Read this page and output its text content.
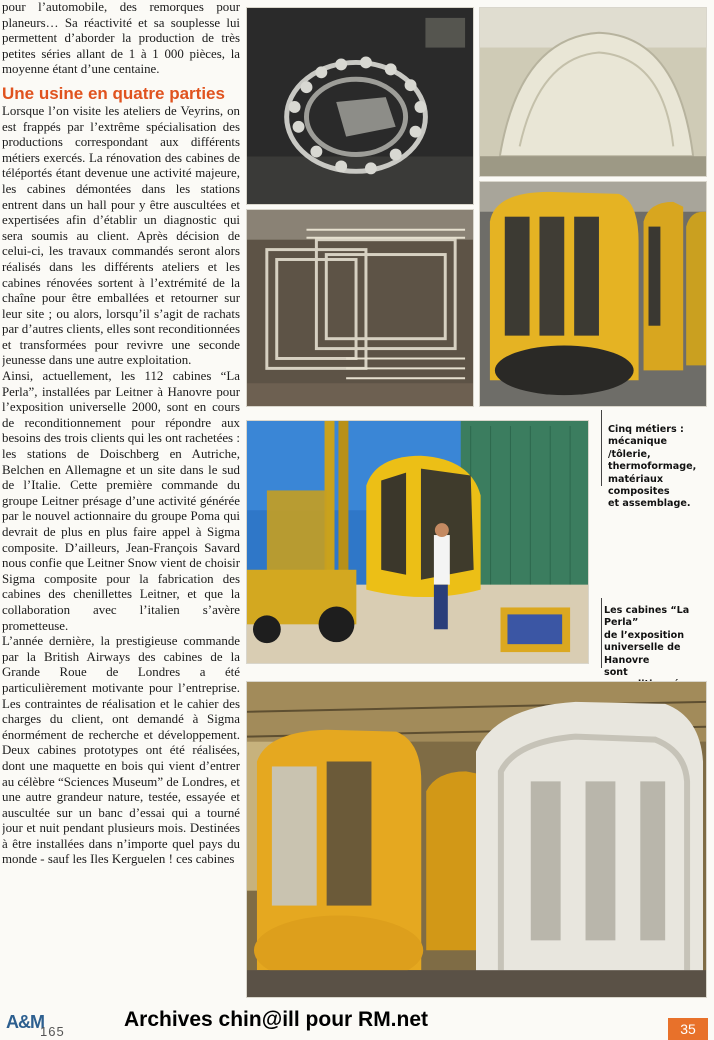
pour l’automobile, des remorques pour planeurs… Sa réactivité et sa souplesse lui permettent d’aborder la production de très petites séries allant de 1 à 1 000 pièces, la moyenne étant d’une centaine.

Une usine en quatre parties

Lorsque l’on visite les ateliers de Veyrins, on est frappés par l’extrême spécialisation des productions correspondant aux différents métiers exercés. La rénovation des cabines de téléportés étant devenue une activité majeure, les cabines démontées dans les stations entrent dans un hall pour y être auscultées et expertisées afin d’établir un diagnostic qui sera soumis au client. Après décision de celui-ci, les travaux commandés seront alors réalisés dans les différents ateliers et les cabines rénovées sortent à l’extrémité de la chaîne pour être emballées et retourner sur leur site ; ou alors, lorsqu’il s’agit de rachats par d’autres clients, elles sont reconditionnées et transformées pour revivre une seconde jeunesse dans une autre exploitation.

Ainsi, actuellement, les 112 cabines “La Perla”, installées par Leitner à Hanovre pour l’exposition universelle 2000, sont en cours de reconditionnement pour répondre aux besoins des trois clients qui les ont rachetées : les stations de Doischberg en Autriche, Belchen en Allemagne et un site dans le sud de l’Italie. Cette première commande du groupe Leitner présage d’une activité générée par le nouvel actionnaire du groupe Poma qui devrait de plus en plus faire appel à Sigma composite. D’ailleurs, Jean-François Savard nous confie que Leitner Snow vient de choisir Sigma composite pour la fabrication des cabines des chenillettes Leitner, et que la collaboration avec l’italien s’avère prometteuse.

L’année dernière, la prestigieuse commande par la British Airways des cabines de la Grande Roue de Londres a été particulièrement motivante pour l’entreprise. Les contraintes de réalisation et le cahier des charges du client, ont demandé à Sigma énormément de recherche et développement. Deux cabines prototypes ont été réalisées, dont une maquette en bois qui vient d’entrer au célèbre “Sciences Museum” de Londres, et une autre grandeur nature, testée, essayée et auscultée sur un banc d’essai qui a tourné jour et nuit pendant plusieurs mois. Destinées à être installées dans n’importe quel pays du monde - sauf les Iles Kerguelen ! ces cabines

Cinq métiers :
mécanique /tôlerie,
thermoformage,
matériaux composites
et assemblage.
Les cabines “La Perla”
de l’exposition
universelle de Hanovre
sont

A&M
165
Archives chin@ill pour RM.net	35
